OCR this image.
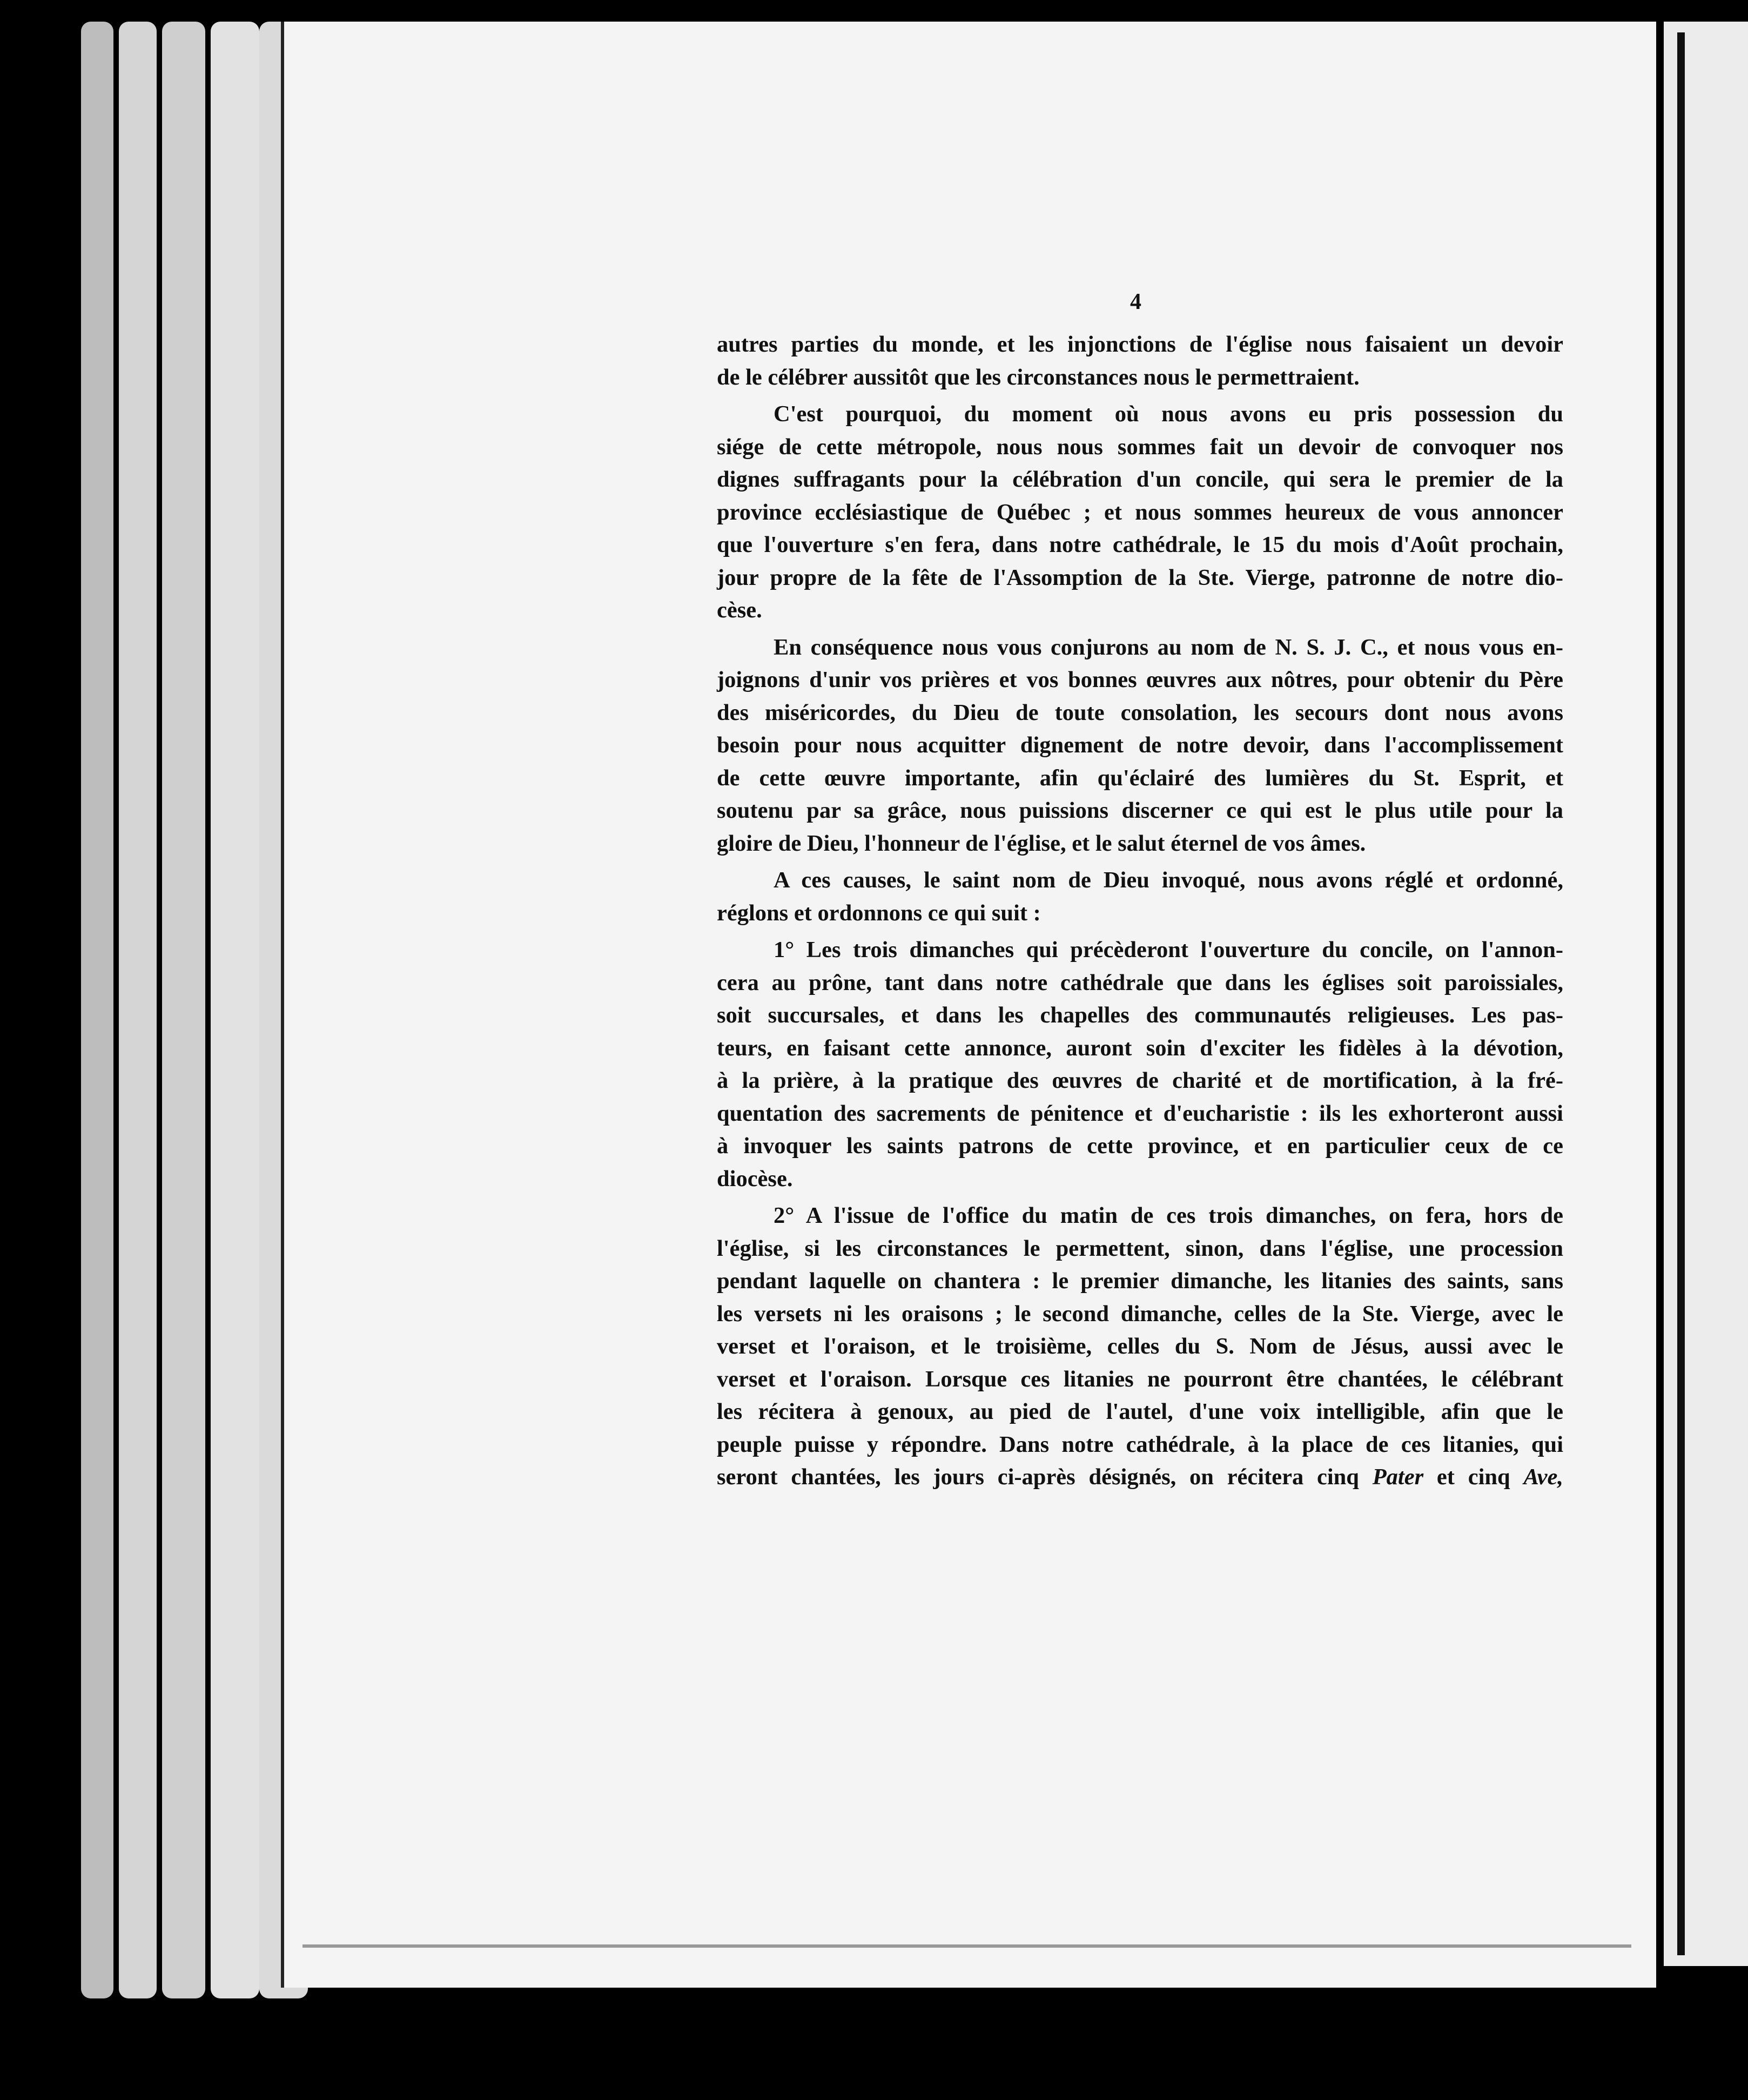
4
autres parties du monde, et les injonctions de l'église nous faisaient un devoir
de le célébrer aussitôt que les circonstances nous le permettraient.
C'est pourquoi, du moment où nous avons eu pris possession du
siége de cette métropole, nous nous sommes fait un devoir de convoquer nos
dignes suffragants pour la célébration d'un concile, qui sera le premier de la
province ecclésiastique de Québec ; et nous sommes heureux de vous annoncer
que l'ouverture s'en fera, dans notre cathédrale, le 15 du mois d'Août prochain,
jour propre de la fête de l'Assomption de la Ste. Vierge, patronne de notre dio-
cèse.
En conséquence nous vous conjurons au nom de N. S. J. C., et nous vous en-
joignons d'unir vos prières et vos bonnes œuvres aux nôtres, pour obtenir du Père
des miséricordes, du Dieu de toute consolation, les secours dont nous avons
besoin pour nous acquitter dignement de notre devoir, dans l'accomplissement
de cette œuvre importante, afin qu'éclairé des lumières du St. Esprit, et
soutenu par sa grâce, nous puissions discerner ce qui est le plus utile pour la
gloire de Dieu, l'honneur de l'église, et le salut éternel de vos âmes.
A ces causes, le saint nom de Dieu invoqué, nous avons réglé et ordonné,
réglons et ordonnons ce qui suit :
1° Les trois dimanches qui précèderont l'ouverture du concile, on l'annon-
cera au prône, tant dans notre cathédrale que dans les églises soit paroissiales,
soit succursales, et dans les chapelles des communautés religieuses. Les pas-
teurs, en faisant cette annonce, auront soin d'exciter les fidèles à la dévotion,
à la prière, à la pratique des œuvres de charité et de mortification, à la fré-
quentation des sacrements de pénitence et d'eucharistie : ils les exhorteront aussi
à invoquer les saints patrons de cette province, et en particulier ceux de ce
diocèse.
2° A l'issue de l'office du matin de ces trois dimanches, on fera, hors de
l'église, si les circonstances le permettent, sinon, dans l'église, une procession
pendant laquelle on chantera : le premier dimanche, les litanies des saints, sans
les versets ni les oraisons ; le second dimanche, celles de la Ste. Vierge, avec le
verset et l'oraison, et le troisième, celles du S. Nom de Jésus, aussi avec le
verset et l'oraison. Lorsque ces litanies ne pourront être chantées, le célébrant
les récitera à genoux, au pied de l'autel, d'une voix intelligible, afin que le
peuple puisse y répondre. Dans notre cathédrale, à la place de ces litanies, qui
seront chantées, les jours ci-après désignés, on récitera cinq Pater et cinq Ave,
